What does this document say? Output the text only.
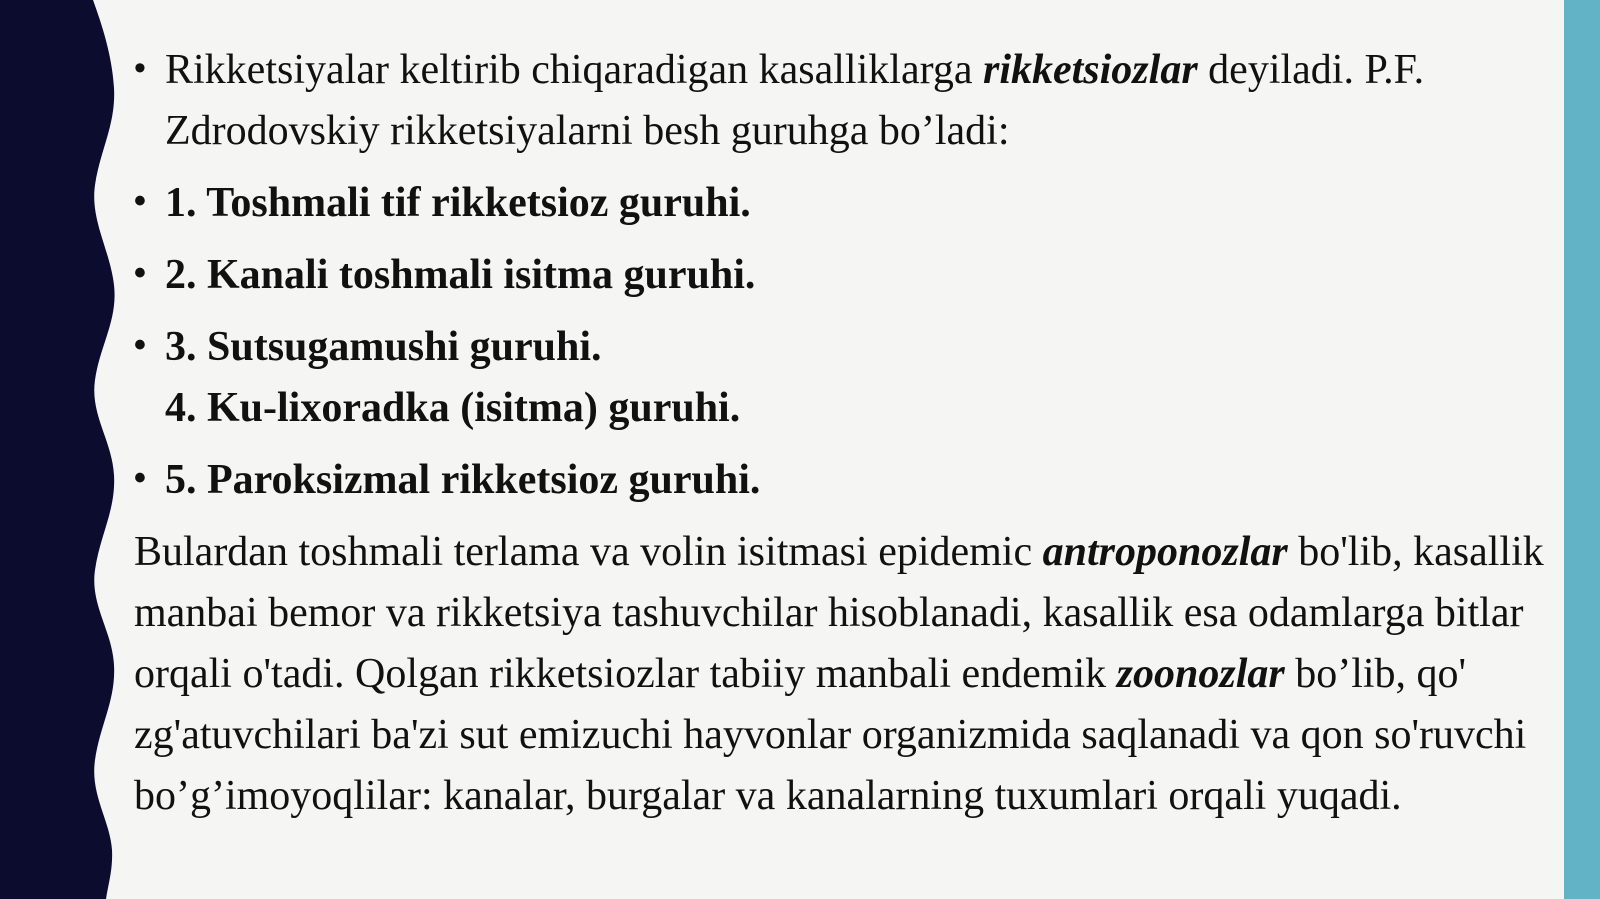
• Rikketsiyalar keltirib chiqaradigan kasalliklarga rikketsiozlar deyiladi. P.F. Zdrodovskiy rikketsiyalarni besh guruhga bo’ladi:
• 1. Toshmali tif rikketsioz guruhi.
• 2. Kanali toshmali isitma guruhi.
• 3. Sutsugamushi guruhi.
4. Ku-lixoradka (isitma) guruhi.
• 5. Paroksizmal rikketsioz guruhi.

Bulardan toshmali terlama va volin isitmasi epidemic antroponozlar bo'lib, kasallik manbai bemor va rikketsiya tashuvchilar hisoblanadi, kasallik esa odamlarga bitlar orqali o'tadi. Qolgan rikketsiozlar tabiiy manbali endemik zoonozlar bo’lib, qo' zg'atuvchilari ba'zi sut emizuchi hayvonlar organizmida saqlanadi va qon so'ruvchi bo’g’imoyoqlilar: kanalar, burgalar va kanalarning tuxumlari orqali yuqadi.
